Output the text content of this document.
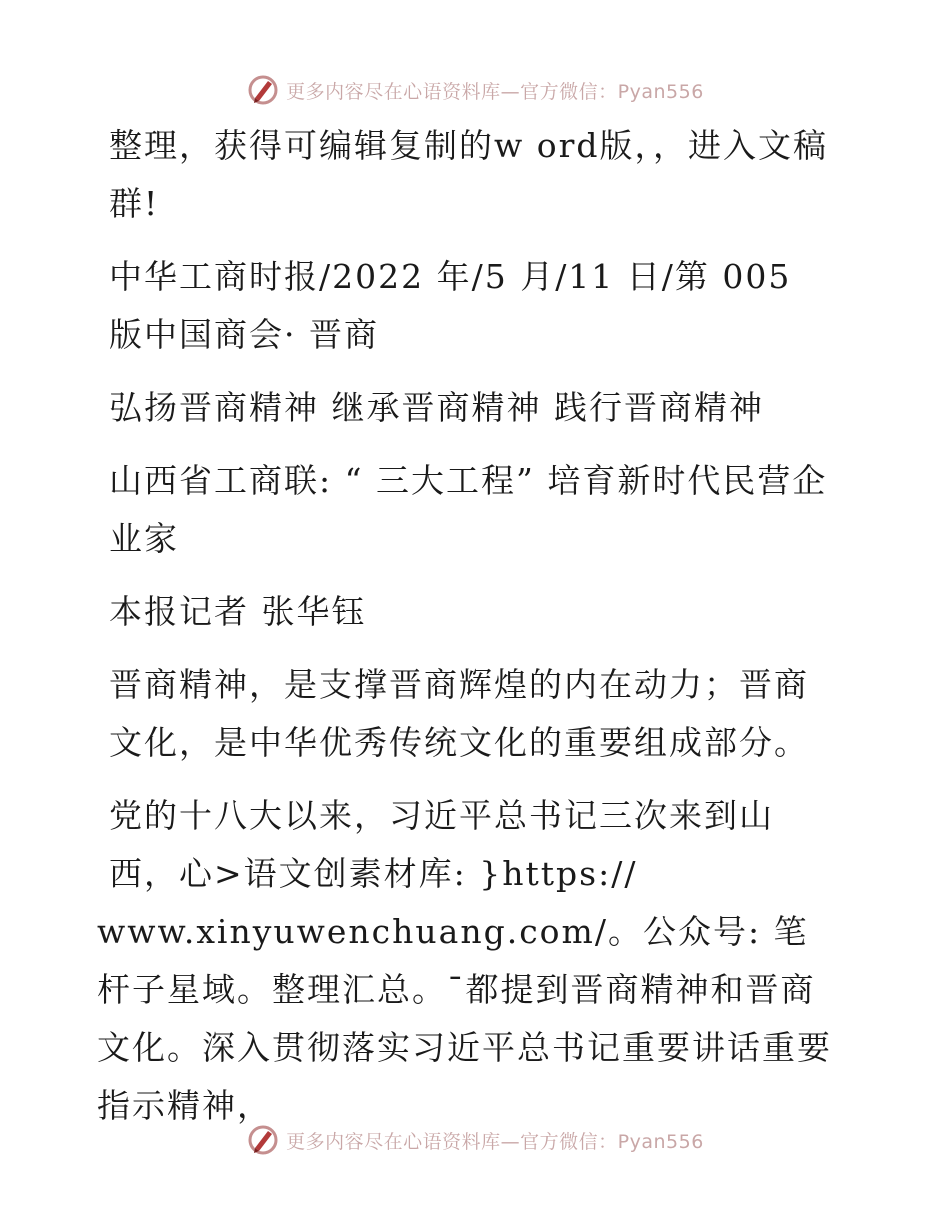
更多内容尽在心语资料库—官方微信：Pyan556

整理，获得可编辑复制的w ord版，，进入文稿群!

中华工商时报/2022 年/5 月/11 日/第 005 版中国商会· 晋商

弘扬晋商精神 继承晋商精神 践行晋商精神

山西省工商联: “ 三大工程” 培育新时代民营企业家

本报记者 张华钰

晋商精神，是支撑晋商辉煌的内在动力；晋商文化，是中华优秀传统文化的重要组成部分。

党的十八大以来，习近平总书记三次来到山西，心>语文创素材库: }https://

www.xinyuwenchuang.com/。公众号: 笔杆子星域。整理汇总。¯都提到晋商精神和晋商文化。深入贯彻落实习近平总书记重要讲话重要指示精神，

更多内容尽在心语资料库—官方微信：Pyan556
